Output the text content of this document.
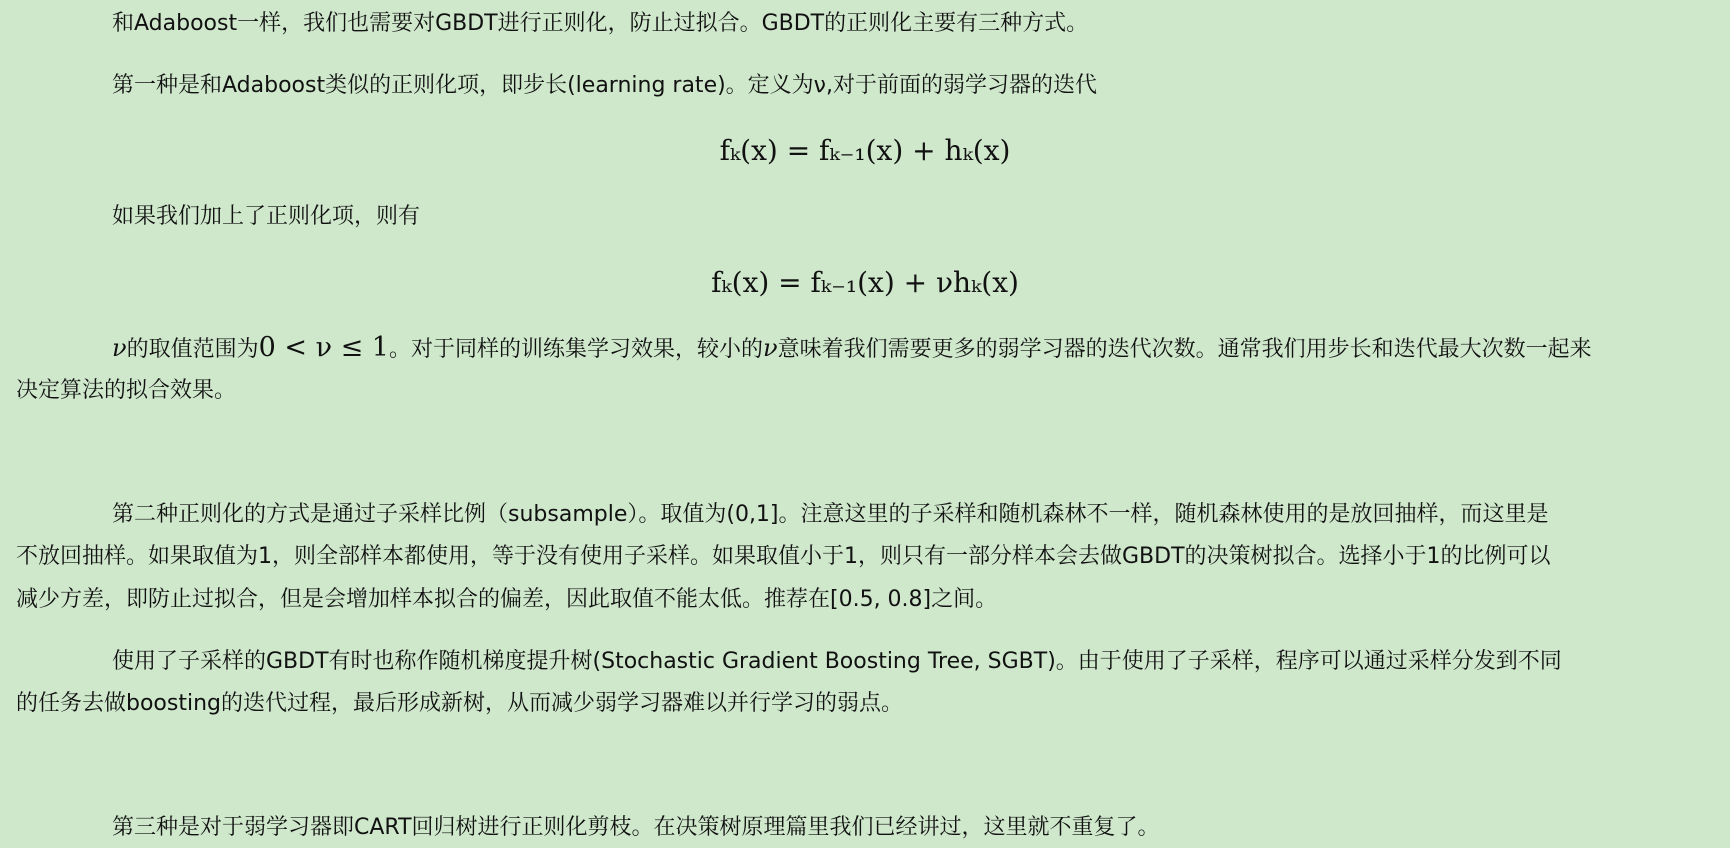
和Adaboost一样，我们也需要对GBDT进行正则化，防止过拟合。GBDT的正则化主要有三种方式。
第一种是和Adaboost类似的正则化项，即步长(learning rate)。定义为ν,对于前面的弱学习器的迭代
fₖ(x) = fₖ₋₁(x) + hₖ(x)
如果我们加上了正则化项，则有
fₖ(x) = fₖ₋₁(x) + νhₖ(x)
ν的取值范围为0 < ν ≤ 1。对于同样的训练集学习效果，较小的ν意味着我们需要更多的弱学习器的迭代次数。通常我们用步长和迭代最大次数一起来
决定算法的拟合效果。
第二种正则化的方式是通过子采样比例（subsample）。取值为(0,1]。注意这里的子采样和随机森林不一样，随机森林使用的是放回抽样，而这里是
不放回抽样。如果取值为1，则全部样本都使用，等于没有使用子采样。如果取值小于1，则只有一部分样本会去做GBDT的决策树拟合。选择小于1的比例可以
减少方差，即防止过拟合，但是会增加样本拟合的偏差，因此取值不能太低。推荐在[0.5, 0.8]之间。
使用了子采样的GBDT有时也称作随机梯度提升树(Stochastic Gradient Boosting Tree, SGBT)。由于使用了子采样，程序可以通过采样分发到不同
的任务去做boosting的迭代过程，最后形成新树，从而减少弱学习器难以并行学习的弱点。
第三种是对于弱学习器即CART回归树进行正则化剪枝。在决策树原理篇里我们已经讲过，这里就不重复了。
